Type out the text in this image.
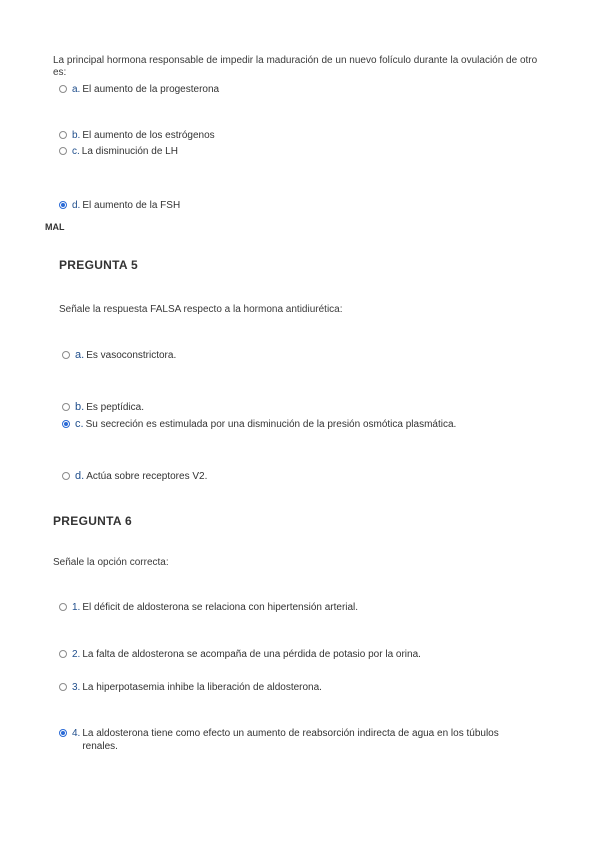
La principal hormona responsable de impedir la maduración de un nuevo folículo durante la ovulación de otro es:
a. El aumento de la progesterona
b. El aumento de los estrógenos
c. La disminución de LH
d. El aumento de la FSH
MAL
PREGUNTA 5
Señale la respuesta FALSA respecto a la hormona antidiurética:
a. Es vasoconstrictora.
b. Es peptídica.
c. Su secreción es estimulada por una disminución de la presión osmótica plasmática.
d. Actúa sobre receptores V2.
PREGUNTA 6
Señale la opción correcta:
1. El déficit de aldosterona se relaciona con hipertensión arterial.
2. La falta de aldosterona se acompaña de una pérdida de potasio por la orina.
3. La hiperpotasemia inhibe la liberación de aldosterona.
4. La aldosterona tiene como efecto un aumento de reabsorción indirecta de agua en los túbulos renales.
